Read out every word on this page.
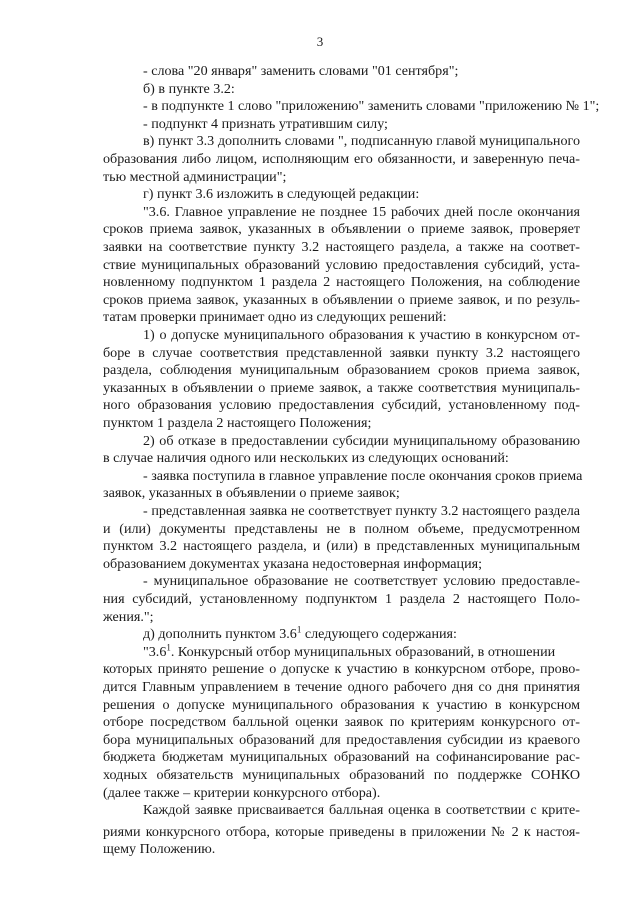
3
- слова "20 января" заменить словами "01 сентября";
б) в пункте 3.2:
- в подпункте 1 слово "приложению" заменить словами "приложению № 1";
- подпункт 4 признать утратившим силу;
в) пункт 3.3 дополнить словами ", подписанную главой муниципального
образования либо лицом, исполняющим его обязанности, и заверенную печа-
тью местной администрации";
г) пункт 3.6 изложить в следующей редакции:
"3.6. Главное управление не позднее 15 рабочих дней после окончания
сроков приема заявок, указанных в объявлении о приеме заявок, проверяет
заявки на соответствие пункту 3.2 настоящего раздела, а также на соответ-
ствие муниципальных образований условию предоставления субсидий, уста-
новленному подпунктом 1 раздела 2 настоящего Положения, на соблюдение
сроков приема заявок, указанных в объявлении о приеме заявок, и по резуль-
татам проверки принимает одно из следующих решений:
1) о допуске муниципального образования к участию в конкурсном от-
боре в случае соответствия представленной заявки пункту 3.2 настоящего
раздела, соблюдения муниципальным образованием сроков приема заявок,
указанных в объявлении о приеме заявок, а также соответствия муниципаль-
ного образования условию предоставления субсидий, установленному под-
пунктом 1 раздела 2 настоящего Положения;
2) об отказе в предоставлении субсидии муниципальному образованию
в случае наличия одного или нескольких из следующих оснований:
- заявка поступила в главное управление после окончания сроков приема
заявок, указанных в объявлении о приеме заявок;
- представленная заявка не соответствует пункту 3.2 настоящего раздела
и (или) документы представлены не в полном объеме, предусмотренном
пунктом 3.2 настоящего раздела, и (или) в представленных муниципальным
образованием документах указана недостоверная информация;
- муниципальное образование не соответствует условию предоставле-
ния субсидий, установленному подпунктом 1 раздела 2 настоящего Поло-
жения.";
д) дополнить пунктом $3.6^1$ следующего содержания:
"$3.6^1$. Конкурсный отбор муниципальных образований, в отношении
которых принято решение о допуске к участию в конкурсном отборе, прово-
дится Главным управлением в течение одного рабочего дня со дня принятия
решения о допуске муниципального образования к участию в конкурсном
отборе посредством балльной оценки заявок по критериям конкурсного от-
бора муниципальных образований для предоставления субсидии из краевого
бюджета бюджетам муниципальных образований на софинансирование рас-
ходных обязательств муниципальных образований по поддержке СОНКО
(далее также – критерии конкурсного отбора).
Каждой заявке присваивается балльная оценка в соответствии с крите-
риями конкурсного отбора, которые приведены в приложении № 2 к настоя-
щему Положению.
